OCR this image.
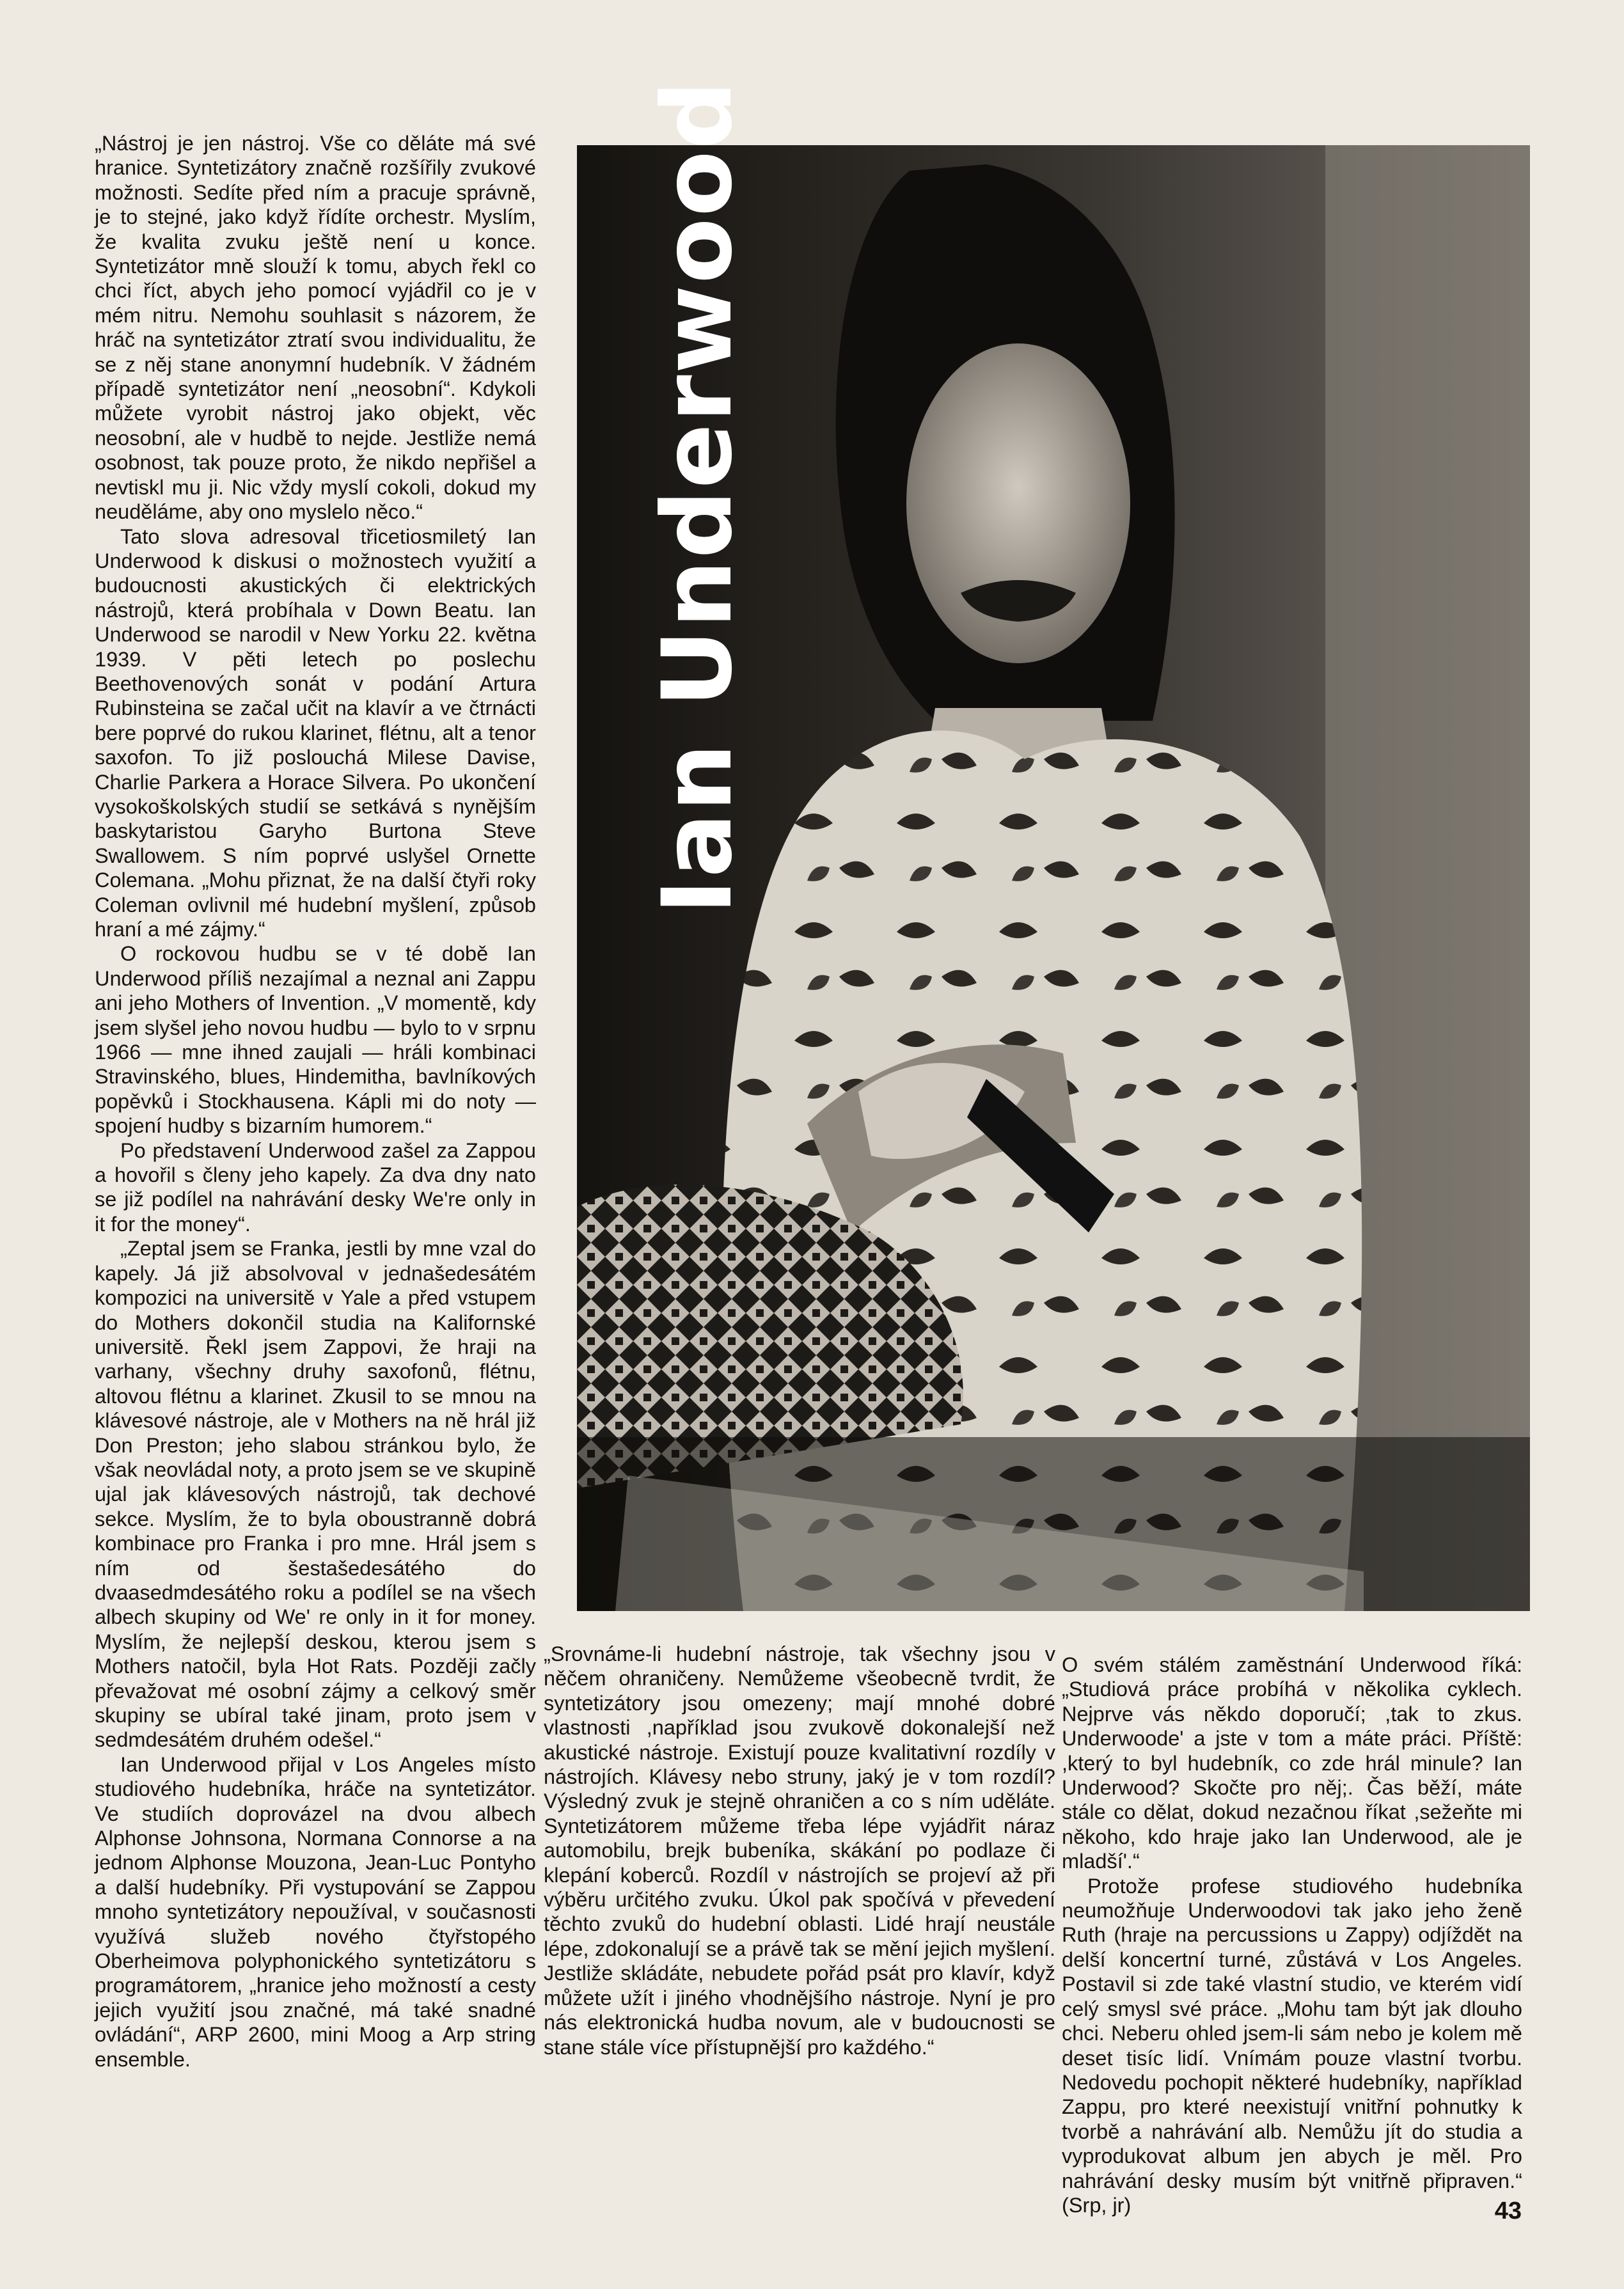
„Nástroj je jen nástroj. Vše co děláte má své hranice. Syntetizátory značně rozšířily zvukové možnosti. Sedíte před ním a pracuje správně, je to stejné, jako když řídíte orchestr. Myslím, že kvalita zvuku ještě není u konce. Syntetizátor mně slouží k tomu, abych řekl co chci říct, abych jeho pomocí vyjádřil co je v mém nitru. Nemohu souhlasit s názorem, že hráč na syntetizátor ztratí svou individualitu, že se z něj stane anonymní hudebník. V žádném případě syntetizátor není „neosobní“. Kdykoli můžete vyrobit nástroj jako objekt, věc neosobní, ale v hudbě to nejde. Jestliže nemá osobnost, tak pouze proto, že nikdo nepřišel a nevtiskl mu ji. Nic vždy myslí cokoli, dokud my neuděláme, aby ono myslelo něco.“

Tato slova adresoval třicetiosmiletý Ian Underwood k diskusi o možnostech využití a budoucnosti akustických či elektrických nástrojů, která probíhala v Down Beatu. Ian Underwood se narodil v New Yorku 22. května 1939. V pěti letech po poslechu Beethovenových sonát v podání Artura Rubinsteina se začal učit na klavír a ve čtrnácti bere poprvé do rukou klarinet, flétnu, alt a tenor saxofon. To již poslouchá Milese Davise, Charlie Parkera a Horace Silvera. Po ukončení vysokoškolských studií se setkává s nynějším baskytaristou Garyho Burtona Steve Swallowem. S ním poprvé uslyšel Ornette Colemana. „Mohu přiznat, že na další čtyři roky Coleman ovlivnil mé hudební myšlení, způsob hraní a mé zájmy.“

O rockovou hudbu se v té době Ian Underwood příliš nezajímal a neznal ani Zappu ani jeho Mothers of Invention. „V momentě, kdy jsem slyšel jeho novou hudbu — bylo to v srpnu 1966 — mne ihned zaujali — hráli kombinaci Stravinského, blues, Hindemitha, bavlníkových popěvků i Stockhausena. Kápli mi do noty — spojení hudby s bizarním humorem.“

Po představení Underwood zašel za Zappou a hovořil s členy jeho kapely. Za dva dny nato se již podílel na nahrávání desky We're only in it for the money“.

„Zeptal jsem se Franka, jestli by mne vzal do kapely. Já již absolvoval v jednašedesátém kompozici na universitě v Yale a před vstupem do Mothers dokončil studia na Kalifornské universitě. Řekl jsem Zappovi, že hraji na varhany, všechny druhy saxofonů, flétnu, altovou flétnu a klarinet. Zkusil to se mnou na klávesové nástroje, ale v Mothers na ně hrál již Don Preston; jeho slabou stránkou bylo, že však neovládal noty, a proto jsem se ve skupině ujal jak klávesových nástrojů, tak dechové sekce. Myslím, že to byla oboustranně dobrá kombinace pro Franka i pro mne. Hrál jsem s ním od šestašedesátého do dvaasedmdesátého roku a podílel se na všech albech skupiny od We' re only in it for money. Myslím, že nejlepší deskou, kterou jsem s Mothers natočil, byla Hot Rats. Později začly převažovat mé osobní zájmy a celkový směr skupiny se ubíral také jinam, proto jsem v sedmdesátém druhém odešel.“

Ian Underwood přijal v Los Angeles místo studiového hudebníka, hráče na syntetizátor. Ve studiích doprovázel na dvou albech Alphonse Johnsona, Normana Connorse a na jednom Alphonse Mouzona, Jean-Luc Pontyho a další hudebníky. Při vystupování se Zappou mnoho syntetizátory nepoužíval, v současnosti využívá služeb nového čtyřstopého Oberheimova polyphonického syntetizátoru s programátorem, „hranice jeho možností a cesty jejich využití jsou značné, má také snadné ovládání“, ARP 2600, mini Moog a Arp string ensemble.

Ian Underwood

„Srovnáme-li hudební nástroje, tak všechny jsou v něčem ohraničeny. Nemůžeme všeobecně tvrdit, že syntetizátory jsou omezeny; mají mnohé dobré vlastnosti ,například jsou zvukově dokonalejší než akustické nástroje. Existují pouze kvalitativní rozdíly v nástrojích. Klávesy nebo struny, jaký je v tom rozdíl? Výsledný zvuk je stejně ohraničen a co s ním uděláte. Syntetizátorem můžeme třeba lépe vyjádřit náraz automobilu, brejk bubeníka, skákání po podlaze či klepání koberců. Rozdíl v nástrojích se projeví až při výběru určitého zvuku. Úkol pak spočívá v převedení těchto zvuků do hudební oblasti. Lidé hrají neustále lépe, zdokonalují se a právě tak se mění jejich myšlení. Jestliže skládáte, nebudete pořád psát pro klavír, když můžete užít i jiného vhodnějšího nástroje. Nyní je pro nás elektronická hudba novum, ale v budoucnosti se stane stále více přístupnější pro každého.“

O svém stálém zaměstnání Underwood říká: „Studiová práce probíhá v několika cyklech. Nejprve vás někdo doporučí; ,tak to zkus. Underwoode' a jste v tom a máte práci. Příště: ,který to byl hudebník, co zde hrál minule? Ian Underwood? Skočte pro něj;. Čas běží, máte stále co dělat, dokud nezačnou říkat ,sežeňte mi někoho, kdo hraje jako Ian Underwood, ale je mladší'.“

Protože profese studiového hudebníka neumožňuje Underwoodovi tak jako jeho ženě Ruth (hraje na percussions u Zappy) odjíždět na delší koncertní turné, zůstává v Los Angeles. Postavil si zde také vlastní studio, ve kterém vidí celý smysl své práce. „Mohu tam být jak dlouho chci. Neberu ohled jsem-li sám nebo je kolem mě deset tisíc lidí. Vnímám pouze vlastní tvorbu. Nedovedu pochopit některé hudebníky, například Zappu, pro které neexistují vnitřní pohnutky k tvorbě a nahrávání alb. Nemůžu jít do studia a vyprodukovat album jen abych je měl. Pro nahrávání desky musím být vnitřně připraven.“ (Srp, jr)	43
